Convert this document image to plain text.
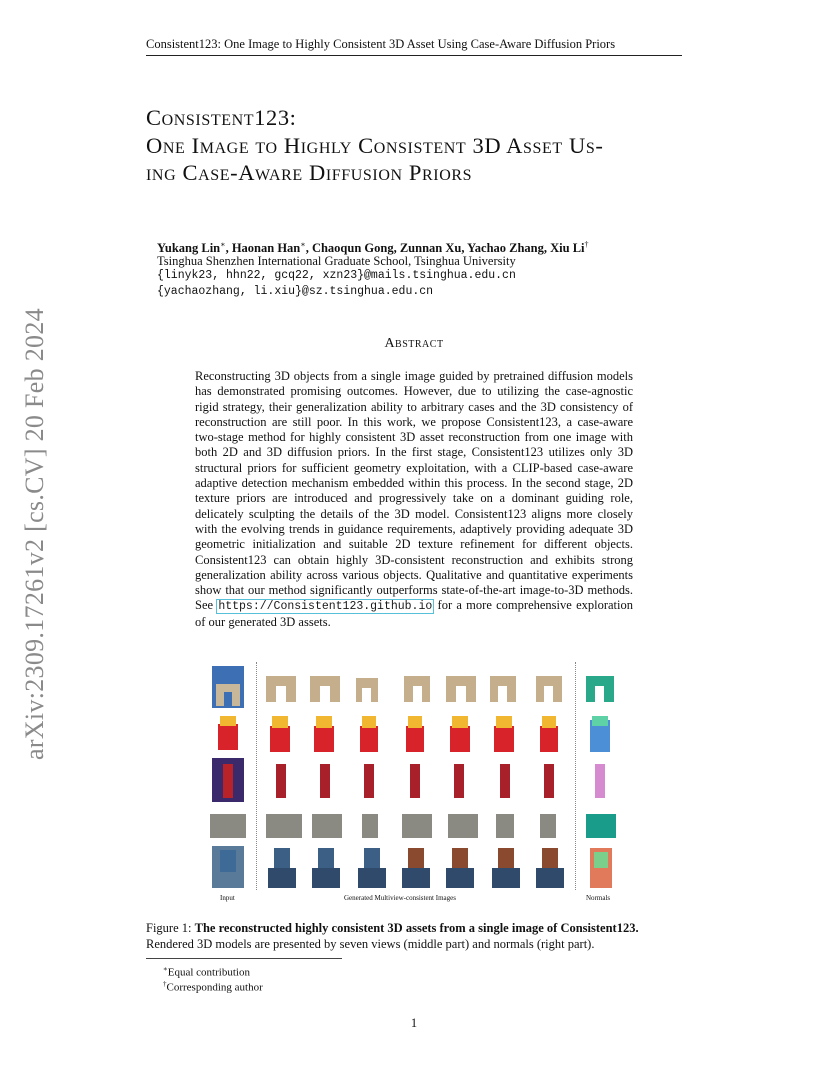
Consistent123: One Image to Highly Consistent 3D Asset Using Case-Aware Diffusion Priors
Consistent123:
One Image to Highly Consistent 3D Asset Us-
ing Case-Aware Diffusion Priors
Yukang Lin∗, Haonan Han∗, Chaoqun Gong, Zunnan Xu, Yachao Zhang, Xiu Li†
Tsinghua Shenzhen International Graduate School, Tsinghua University
{linyk23, hhn22, gcq22, xzn23}@mails.tsinghua.edu.cn
{yachaozhang, li.xiu}@sz.tsinghua.edu.cn
Abstract
Reconstructing 3D objects from a single image guided by pretrained diffusion models has demonstrated promising outcomes. However, due to utilizing the case-agnostic rigid strategy, their generalization ability to arbitrary cases and the 3D consistency of reconstruction are still poor. In this work, we propose Consistent123, a case-aware two-stage method for highly consistent 3D asset reconstruction from one image with both 2D and 3D diffusion priors. In the first stage, Consistent123 utilizes only 3D structural priors for sufficient geometry exploitation, with a CLIP-based case-aware adaptive detection mechanism embedded within this process. In the second stage, 2D texture priors are introduced and progressively take on a dominant guiding role, delicately sculpting the details of the 3D model. Consistent123 aligns more closely with the evolving trends in guidance requirements, adaptively providing adequate 3D geometric initialization and suitable 2D texture refinement for different objects. Consistent123 can obtain highly 3D-consistent reconstruction and exhibits strong generalization ability across various objects. Qualitative and quantitative experiments show that our method significantly outperforms state-of-the-art image-to-3D methods. See https://Consistent123.github.io for a more comprehensive exploration of our generated 3D assets.
arXiv:2309.17261v2 [cs.CV] 20 Feb 2024
Input	Generated Multiview-consistent Images	Normals
Figure 1: The reconstructed highly consistent 3D assets from a single image of Consistent123. Rendered 3D models are presented by seven views (middle part) and normals (right part).
∗Equal contribution
†Corresponding author
1
